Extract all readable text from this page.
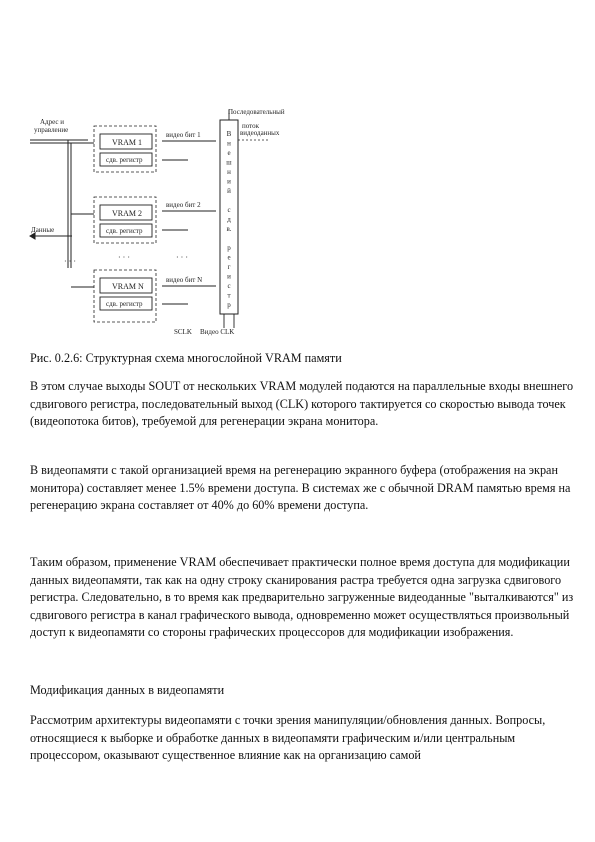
Адрес и
управление
Данные
VRAM 1
сдв. регистр
VRAM 2
сдв. регистр
VRAM N
сдв. регистр
видео бит 1
видео бит 2
видео бит N
Последовательный
поток
видеоданных
SCLK Видео CLK
· · ·	· · ·	· · ·
В
н
е
ш
н
и
й
с
д
в.
р
е
г
и
с
т
р
Рис. 0.2.6: Структурная схема многослойной VRAM памяти

В этом случае выходы SOUT от нескольких VRAM модулей подаются на параллельные входы внешнего сдвигового регистра, последовательный выход (CLK) которого тактируется со скоростью вывода точек (видеопотока битов), требуемой для регенерации экрана монитора.

В видеопамяти с такой организацией время на регенерацию экранного буфера (отображения на экран монитора) составляет менее 1.5% времени доступа. В системах же с обычной DRAM памятью время на регенерацию экрана составляет от 40% до 60% времени доступа.

Таким образом, применение VRAM обеспечивает практически полное время доступа для модификации данных видеопамяти, так как на одну строку сканирования растра требуется одна загрузка сдвигового регистра. Следовательно, в то время как предварительно загруженные видеоданные "выталкиваются" из сдвигового регистра в канал графического вывода, одновременно может осуществляться произвольный доступ к видеопамяти со стороны графических процессоров для модификации изображения.

Модификация данных в видеопамяти

Рассмотрим архитектуры видеопамяти с точки зрения манипуляции/обновления данных. Вопросы, относящиеся к выборке и обработке данных в видеопамяти графическим и/или центральным процессором, оказывают существенное влияние как на организацию самой
